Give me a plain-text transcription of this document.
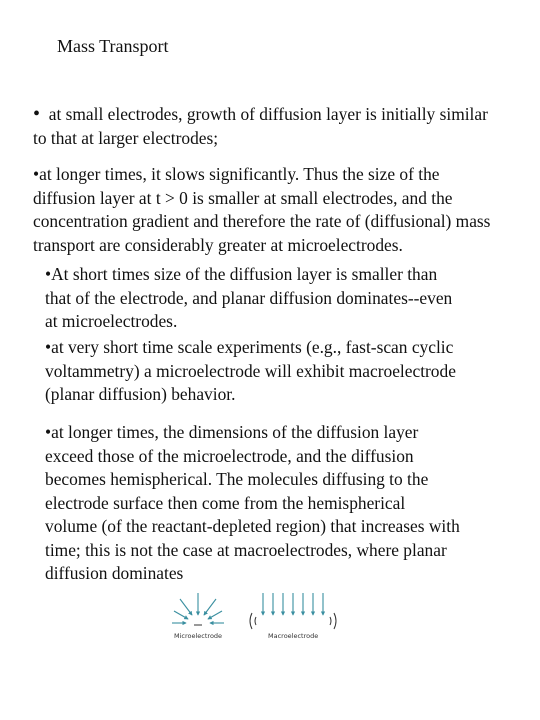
Mass Transport
• at small electrodes, growth of diffusion layer is initially similar
to that at larger electrodes;
•at longer times, it slows significantly. Thus the size of the
diffusion layer at t > 0 is smaller at small electrodes, and the
concentration gradient and therefore the rate of (diffusional) mass
transport are considerably greater at microelectrodes.
•At short times size of the diffusion layer is smaller than
that of the electrode, and planar diffusion dominates--even
at microelectrodes.
•at very short time scale experiments (e.g., fast-scan cyclic
voltammetry) a microelectrode will exhibit macroelectrode
(planar diffusion) behavior.
•at longer times, the dimensions of the diffusion layer
exceed those of the microelectrode, and the diffusion
becomes hemispherical. The molecules diffusing to the
electrode surface then come from the hemispherical
volume (of the reactant-depleted region) that increases with
time; this is not the case at macroelectrodes, where planar
diffusion dominates
Microelectrode	Macroelectrode
